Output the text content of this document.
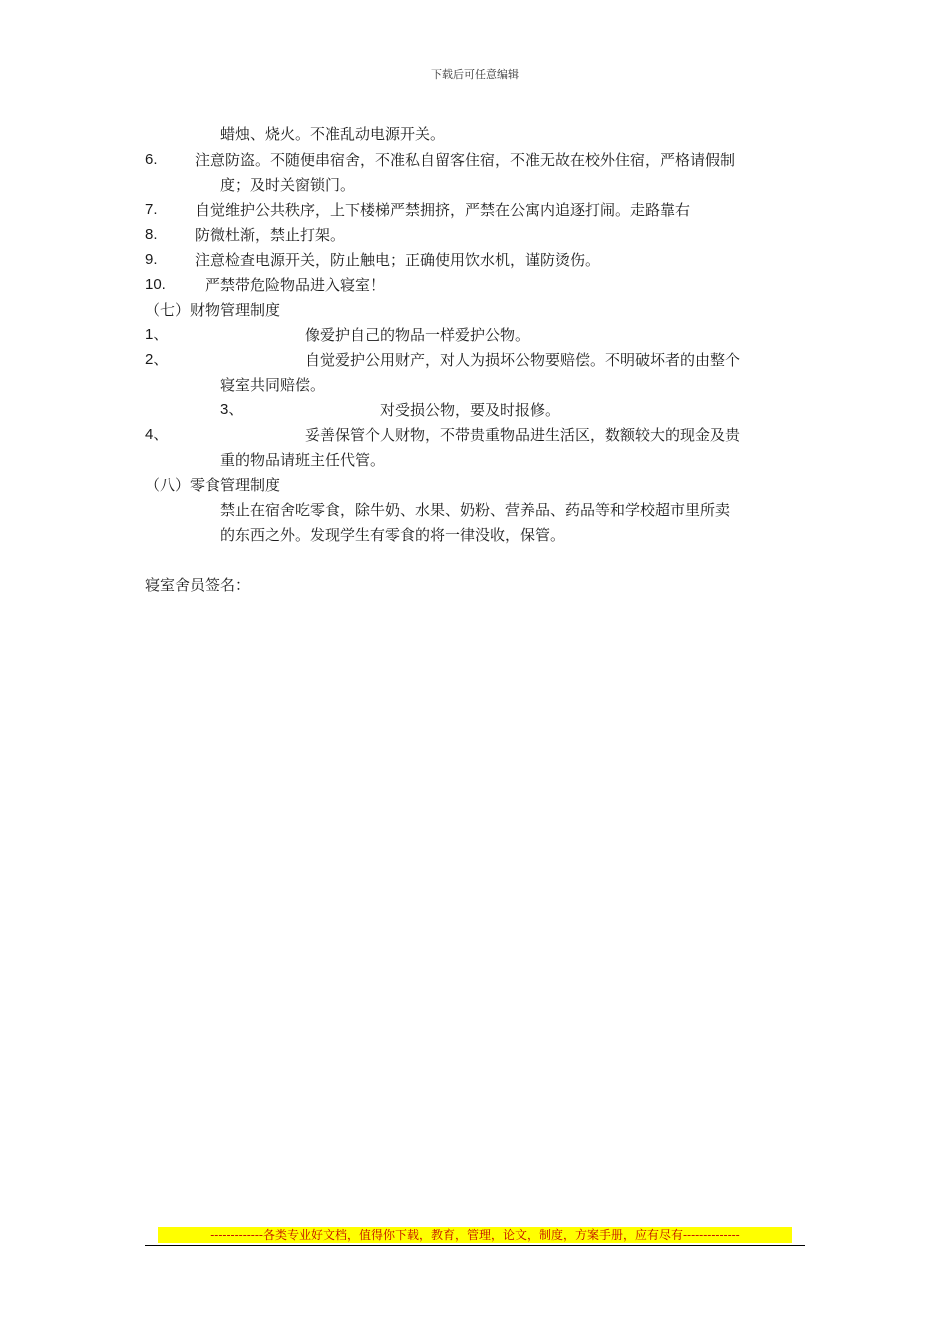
下载后可任意编辑
蜡烛、烧火。不准乱动电源开关。
6. 注意防盗。不随便串宿舍，不准私自留客住宿，不准无故在校外住宿，严格请假制
度；及时关窗锁门。
7. 自觉维护公共秩序，上下楼梯严禁拥挤，严禁在公寓内追逐打闹。走路靠右
8. 防微杜渐，禁止打架。
9. 注意检查电源开关，防止触电；正确使用饮水机，谨防烫伤。
10.	严禁带危险物品进入寝室！
（七）财物管理制度
1、	像爱护自己的物品一样爱护公物。
2、	自觉爱护公用财产，对人为损坏公物要赔偿。不明破坏者的由整个
寝室共同赔偿。
3、	对受损公物，要及时报修。
4、	妥善保管个人财物，不带贵重物品进生活区，数额较大的现金及贵
重的物品请班主任代管。
（八）零食管理制度
禁止在宿舍吃零食，除牛奶、水果、奶粉、营养品、药品等和学校超市里所卖
的东西之外。发现学生有零食的将一律没收，保管。
寝室舍员签名：
-------------各类专业好文档，值得你下载，教育，管理，论文，制度，方案手册，应有尽有--------------
